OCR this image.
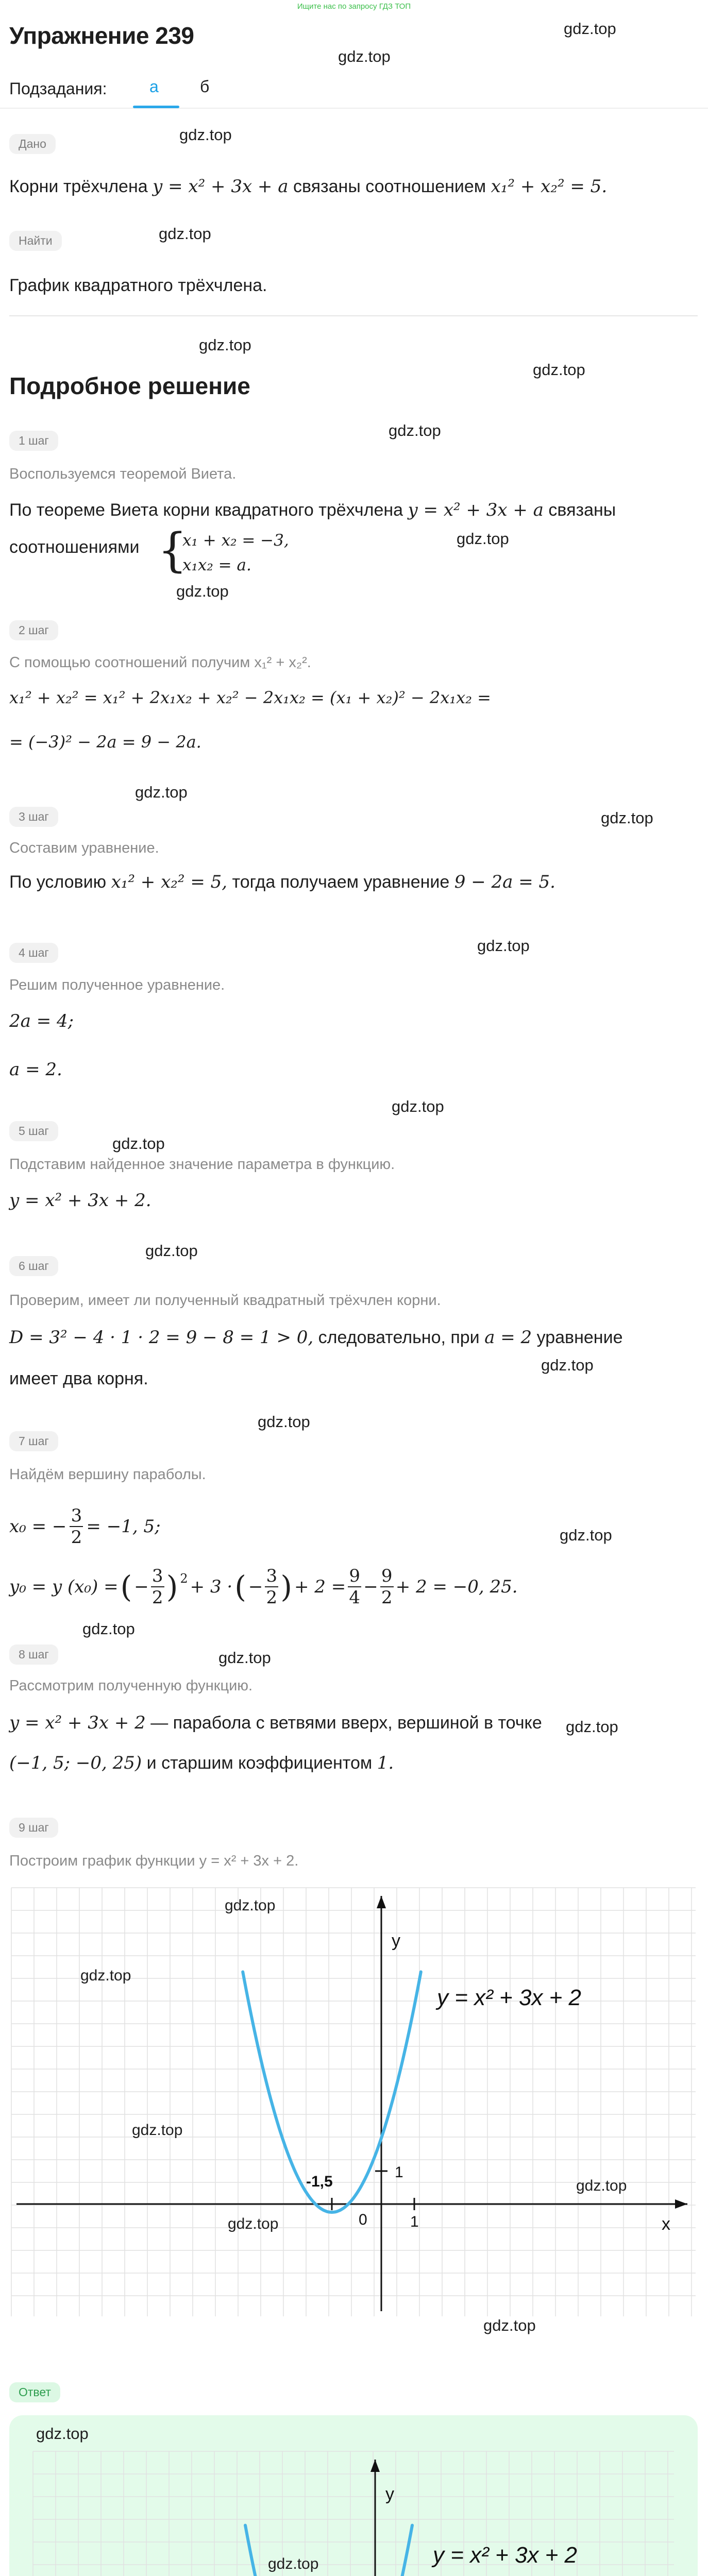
Ищите нас по запросу ГДЗ ТОП
Упражнение 239	gdz.top
gdz.top
Подзадания:	а	б
Дано	gdz.top
Корни трёхчлена y = x² + 3x + a связаны соотношением x₁² + x₂² = 5.
Найти	gdz.top
График квадратного трёхчлена.
gdz.top
gdz.top
Подробное решение
1 шаг
gdz.top
Воспользуемся теоремой Виета.
По теореме Виета корни квадратного трёхчлена y = x² + 3x + a связаны
gdz.top
соотношениями {
x₁ + x₂ = −3,
x₁x₂ = a.
gdz.top
2 шаг
С помощью соотношений получим x₁² + x₂².
x₁² + x₂² = x₁² + 2x₁x₂ + x₂² − 2x₁x₂ = (x₁ + x₂)² − 2x₁x₂ =
= (−3)² − 2a = 9 − 2a.
gdz.top
gdz.top
3 шаг
Составим уравнение.
По условию x₁² + x₂² = 5, тогда получаем уравнение 9 − 2a = 5.
4 шаг	gdz.top
Решим полученное уравнение.
2a = 4;
a = 2.
gdz.top
5 шаг
gdz.top
Подставим найденное значение параметра в функцию.
y = x² + 3x + 2.
gdz.top
6 шаг
Проверим, имеет ли полученный квадратный трёхчлен корни.
D = 3² − 4 · 1 · 2 = 9 − 8 = 1 > 0, следовательно, при a = 2 уравнение
gdz.top
имеет два корня.
gdz.top
7 шаг
Найдём вершину параболы.
x₀ = −
3
2
= −1, 5;	gdz.top
y₀ = y (x₀) = ( −
3
2 ) 2 + 3 · ( −
3
2 ) + 2 =
9
4
−
9
2
+ 2 = −0, 25.
gdz.top
8 шаг	gdz.top
Рассмотрим полученную функцию.
y = x² + 3x + 2 — парабола с ветвями вверх, вершиной в точке gdz.top
(−1, 5; −0, 25) и старшим коэффициентом 1.
9 шаг
Построим график функции y = x² + 3x + 2.
y
x
0	1
1
-1,5
y = x² + 3x + 2
gdz.top
gdz.top
gdz.top
gdz.top
gdz.top
gdz.top
Ответ
gdz.top
y
y = x² + 3x + 2
gdz.top
